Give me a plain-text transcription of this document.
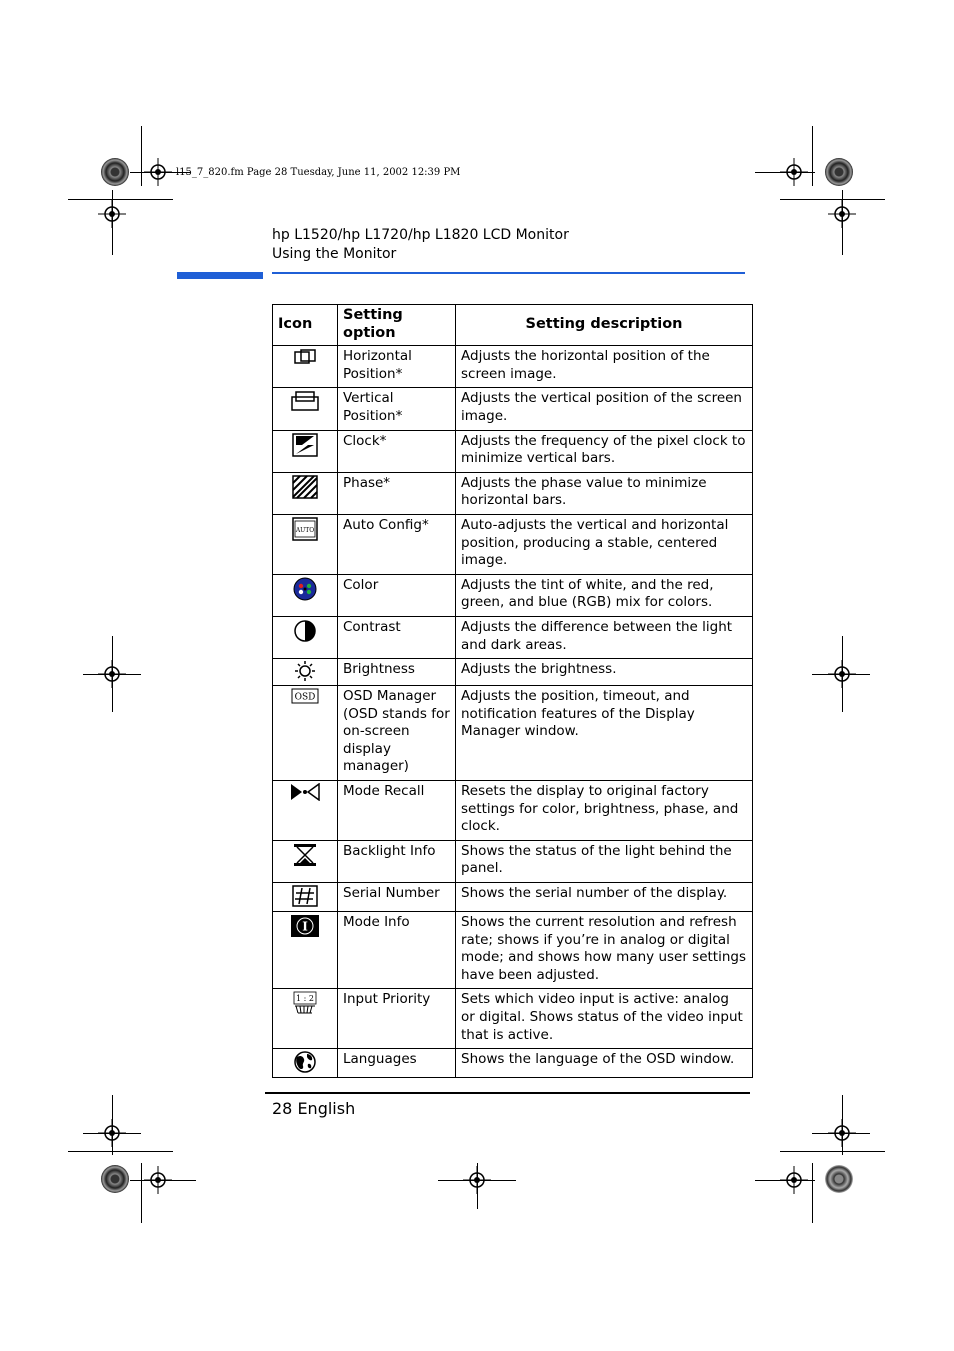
l15_7_820.fm Page 28 Tuesday, June 11, 2002 12:39 PM
hp L1520/hp L1720/hp L1820 LCD Monitor
Using the Monitor
Icon	Setting option	Setting description

	Horizontal Position*	Adjusts the horizontal position of the screen image.

	Vertical Position*	Adjusts the vertical position of the screen image.

	Clock*	Adjusts the frequency of the pixel clock to minimize vertical bars.

	Phase*	Adjusts the phase value to minimize horizontal bars.

AUTO	Auto Config*	Auto-adjusts the vertical and horizontal position, producing a stable, centered image.

	Color	Adjusts the tint of white, and the red, green, and blue (RGB) mix for colors.

	Contrast	Adjusts the difference between the light and dark areas.

	Brightness	Adjusts the brightness.

OSD	OSD Manager (OSD stands for on-screen display manager)	Adjusts the position, timeout, and notification features of the Display Manager window.

	Mode Recall	Resets the display to original factory settings for color, brightness, phase, and clock.

	Backlight Info	Shows the status of the light behind the panel.

	Serial Number	Shows the serial number of the display.

I	Mode Info	Shows the current resolution and refresh rate; shows if you’re in analog or digital mode; and shows how many user settings have been adjusted.

1 : 2	Input Priority	Sets which video input is active: analog or digital. Shows status of the video input that is active.

	Languages	Shows the language of the OSD window.
28 English
